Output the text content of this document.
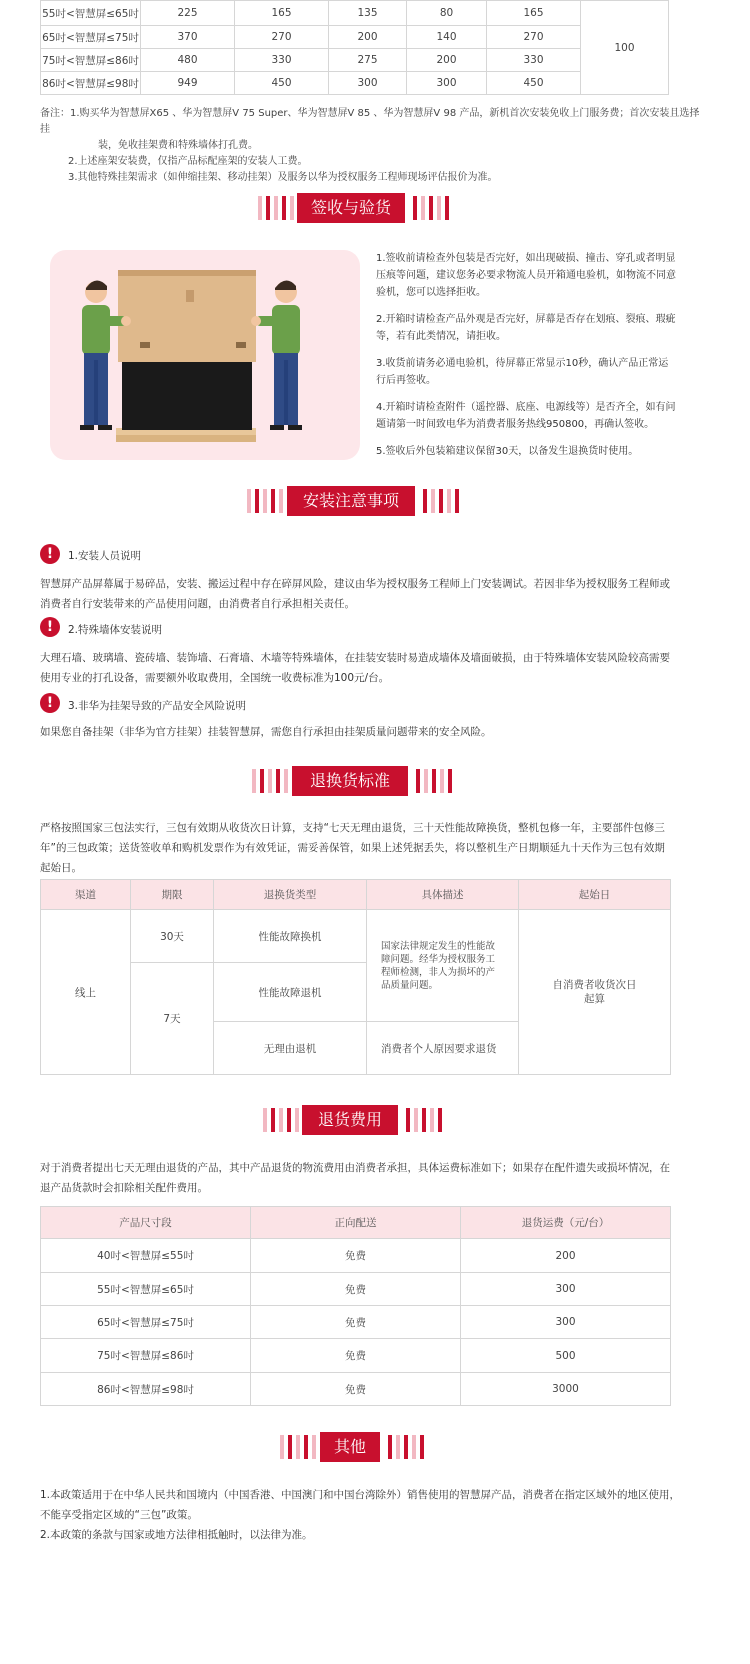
55吋<智慧屏≤65吋	225	165	135	80	165	100
65吋<智慧屏≤75吋	370	270	200	140	270	
75吋<智慧屏≤86吋	480	330	275	200	330	
86吋<智慧屏≤98吋	949	450	300	300	450	
备注：1.购买华为智慧屏X65 、华为智慧屏V 75 Super、华为智慧屏V 85 、华为智慧屏V 98 产品，新机首次安装免收上门服务费；首次安装且选择挂
装，免收挂架费和特殊墙体打孔费。
2.上述座架安装费，仅指产品标配座架的安装人工费。
3.其他特殊挂架需求（如伸缩挂架、移动挂架）及服务以华为授权服务工程师现场评估报价为准。
签收与验货

1.签收前请检查外包装是否完好，如出现破损、撞击、穿孔或者明显压痕等问题，建议您务必要求物流人员开箱通电验机，如物流不同意验机，您可以选择拒收。

2.开箱时请检查产品外观是否完好，屏幕是否存在划痕、裂痕、瑕疵等，若有此类情况，请拒收。

3.收货前请务必通电验机，待屏幕正常显示10秒，确认产品正常运行后再签收。

4.开箱时请检查附件（遥控器、底座、电源线等）是否齐全，如有问题请第一时间致电华为消费者服务热线950800，再确认签收。

5.签收后外包装箱建议保留30天，以备发生退换货时使用。

安装注意事项
!	1.安装人员说明
智慧屏产品屏幕属于易碎品，安装、搬运过程中存在碎屏风险，建议由华为授权服务工程师上门安装调试。若因非华为授权服务工程师或消费者自行安装带来的产品使用问题，由消费者自行承担相关责任。
!	2.特殊墙体安装说明
大理石墙、玻璃墙、瓷砖墙、装饰墙、石膏墙、木墙等特殊墙体，在挂装安装时易造成墙体及墙面破损，由于特殊墙体安装风险较高需要使用专业的打孔设备，需要额外收取费用，全国统一收费标准为100元/台。
!	3.非华为挂架导致的产品安全风险说明
如果您自备挂架（非华为官方挂架）挂装智慧屏，需您自行承担由挂架质量问题带来的安全风险。
退换货标准
严格按照国家三包法实行，三包有效期从收货次日计算，支持“七天无理由退货，三十天性能故障换货，整机包修一年，主要部件包修三年”的三包政策；送货签收单和购机发票作为有效凭证，需妥善保管，如果上述凭据丢失，将以整机生产日期顺延九十天作为三包有效期起始日。
渠道	期限	退换货类型	具体描述	起始日
线上	30天	性能故障换机	国家法律规定发生的性能故障问题。经华为授权服务工程师检测，非人为损坏的产品质量问题。	自消费者收货次日起算
	7天	性能故障退机		
		无理由退机	消费者个人原因要求退货	
退货费用
对于消费者提出七天无理由退货的产品，其中产品退货的物流费用由消费者承担，具体运费标准如下；如果存在配件遗失或损坏情况，在退产品货款时会扣除相关配件费用。
产品尺寸段	正向配送	退货运费（元/台）
40吋<智慧屏≤55吋	免费	200
55吋<智慧屏≤65吋	免费	300
65吋<智慧屏≤75吋	免费	300
75吋<智慧屏≤86吋	免费	500
86吋<智慧屏≤98吋	免费	3000
其他

1.本政策适用于在中华人民共和国境内（中国香港、中国澳门和中国台湾除外）销售使用的智慧屏产品，消费者在指定区域外的地区使用，不能享受指定区域的“三包”政策。

2.本政策的条款与国家或地方法律相抵触时，以法律为准。
